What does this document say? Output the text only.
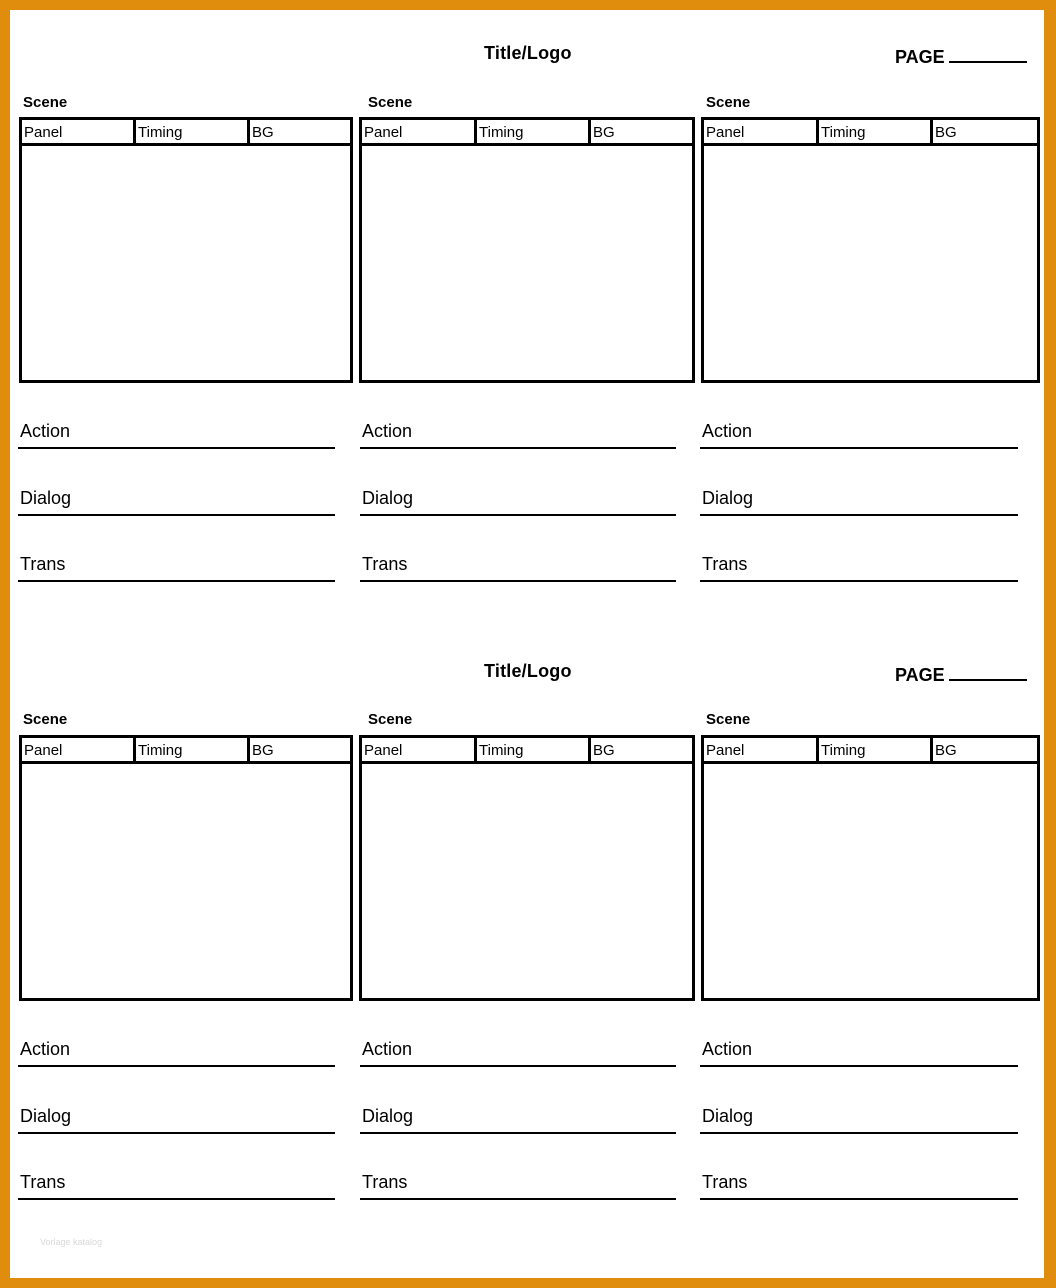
Title/Logo	PAGE
Scene
Panel	Timing	BG
Action
Dialog
Trans
Scene
Panel	Timing	BG
Action
Dialog
Trans
Scene
Panel	Timing	BG
Action
Dialog
Trans
Title/Logo	PAGE
Scene
Panel	Timing	BG
Action
Dialog
Trans
Scene
Panel	Timing	BG
Action
Dialog
Trans
Scene
Panel	Timing	BG
Action
Dialog
Trans
Vorlage katalog
